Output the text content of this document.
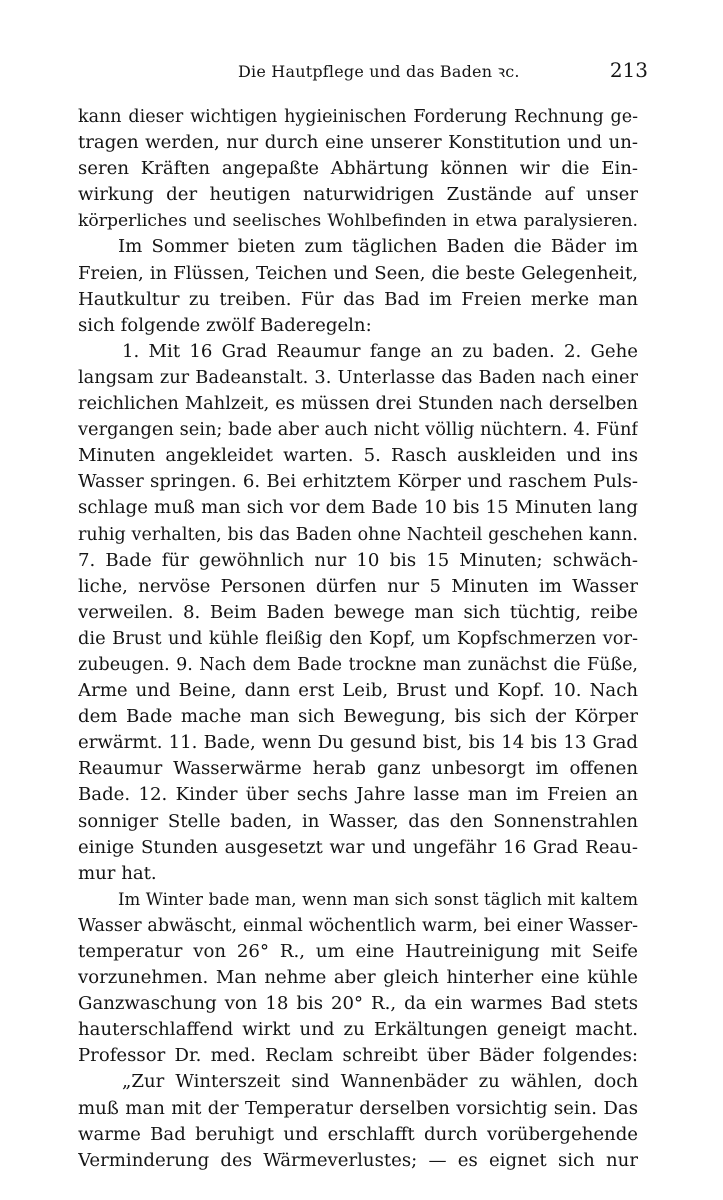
Die Hautpflege und das Baden ꝛc.	213
kann dieser wichtigen hygieinischen Forderung Rechnung ge-
tragen werden, nur durch eine unserer Konstitution und un-
seren Kräften angepaßte Abhärtung können wir die Ein-
wirkung der heutigen naturwidrigen Zustände auf unser
körperliches und seelisches Wohlbefinden in etwa paralysieren.
Im Sommer bieten zum täglichen Baden die Bäder im
Freien, in Flüssen, Teichen und Seen, die beste Gelegenheit,
Hautkultur zu treiben. Für das Bad im Freien merke man
sich folgende zwölf Baderegeln:
1. Mit 16 Grad Reaumur fange an zu baden. 2. Gehe
langsam zur Badeanstalt. 3. Unterlasse das Baden nach einer
reichlichen Mahlzeit, es müssen drei Stunden nach derselben
vergangen sein; bade aber auch nicht völlig nüchtern. 4. Fünf
Minuten angekleidet warten. 5. Rasch auskleiden und ins
Wasser springen. 6. Bei erhitztem Körper und raschem Puls-
schlage muß man sich vor dem Bade 10 bis 15 Minuten lang
ruhig verhalten, bis das Baden ohne Nachteil geschehen kann.
7. Bade für gewöhnlich nur 10 bis 15 Minuten; schwäch-
liche, nervöse Personen dürfen nur 5 Minuten im Wasser
verweilen. 8. Beim Baden bewege man sich tüchtig, reibe
die Brust und kühle fleißig den Kopf, um Kopfschmerzen vor-
zubeugen. 9. Nach dem Bade trockne man zunächst die Füße,
Arme und Beine, dann erst Leib, Brust und Kopf. 10. Nach
dem Bade mache man sich Bewegung, bis sich der Körper
erwärmt. 11. Bade, wenn Du gesund bist, bis 14 bis 13 Grad
Reaumur Wasserwärme herab ganz unbesorgt im offenen
Bade. 12. Kinder über sechs Jahre lasse man im Freien an
sonniger Stelle baden, in Wasser, das den Sonnenstrahlen
einige Stunden ausgesetzt war und ungefähr 16 Grad Reau-
mur hat.
Im Winter bade man, wenn man sich sonst täglich mit kaltem
Wasser abwäscht, einmal wöchentlich warm, bei einer Wasser-
temperatur von 26° R., um eine Hautreinigung mit Seife
vorzunehmen. Man nehme aber gleich hinterher eine kühle
Ganzwaschung von 18 bis 20° R., da ein warmes Bad stets
hauterschlaffend wirkt und zu Erkältungen geneigt macht.
Professor Dr. med. Reclam schreibt über Bäder folgendes:
„Zur Winterszeit sind Wannenbäder zu wählen, doch
muß man mit der Temperatur derselben vorsichtig sein. Das
warme Bad beruhigt und erschlafft durch vorübergehende
Verminderung des Wärmeverlustes; — es eignet sich nur
